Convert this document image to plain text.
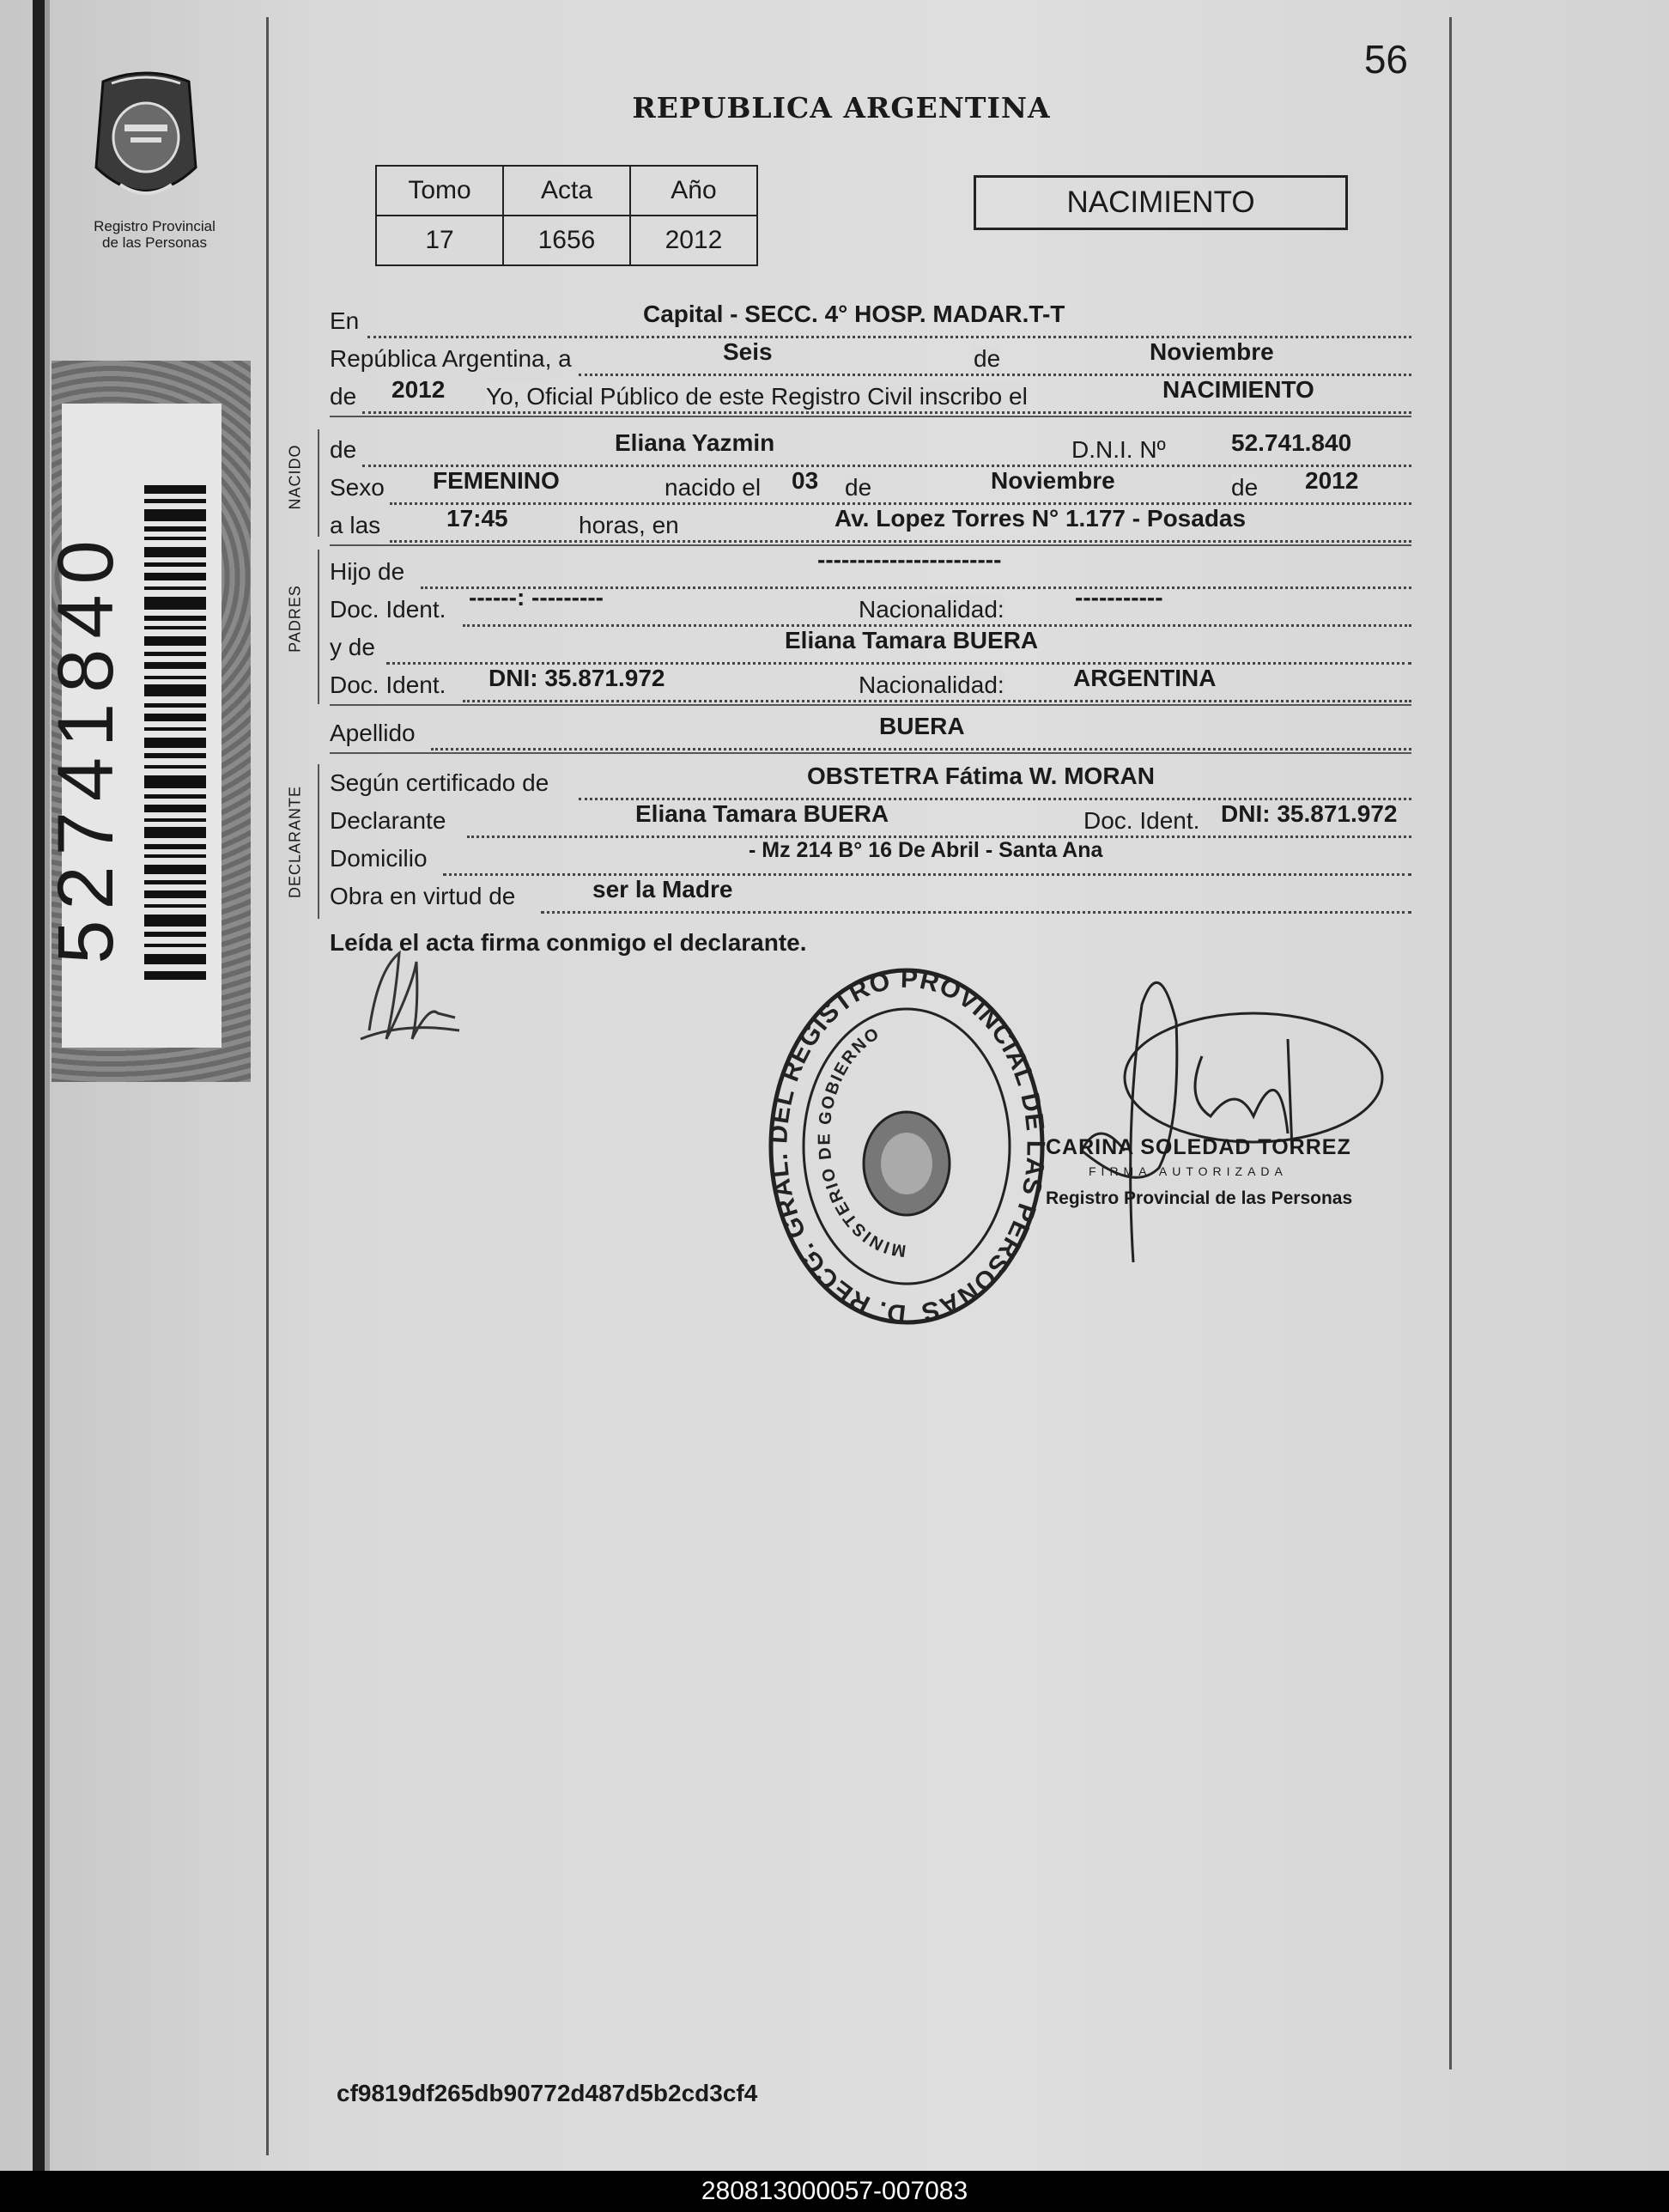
Registro Provincial
de las Personas
52741840
56
REPUBLICA ARGENTINA
Tomo	Acta	Año
17	1656	2012
NACIMIENTO
En	Capital - SECC. 4° HOSP. MADAR.T-T
República Argentina, a	Seis	de	Noviembre
de 2012 Yo, Oficial Público de este Registro Civil inscribo el	NACIMIENTO
NACIDO de	Eliana Yazmin	D.N.I. Nº	52.741.840
Sexo FEMENINO	nacido el 03 de	Noviembre	de 2012
a las	17:45	horas, en	Av. Lopez Torres N° 1.177 - Posadas
PADRES
Hijo de	-----------------------
Doc. Ident. ------: ---------	Nacionalidad:	-----------
y de	Eliana Tamara BUERA
Doc. Ident. DNI: 35.871.972	Nacionalidad:	ARGENTINA
Apellido	BUERA
DECLARANTE
Según certificado de	OBSTETRA Fátima W. MORAN
Declarante	Eliana Tamara BUERA	Doc. Ident. DNI: 35.871.972
Domicilio	- Mz 214 B° 16 De Abril - Santa Ana
Obra en virtud de	ser la Madre
Leída el acta firma conmigo el declarante.
D. RECG. GRAL. DEL REGISTRO PROVINCIAL DE LAS PERSONAS
MINISTERIO DE GOBIERNO
CARINA SOLEDAD TORREZ
FIRMA AUTORIZADA
Registro Provincial de las Personas
cf9819df265db90772d487d5b2cd3cf4
280813000057-007083
